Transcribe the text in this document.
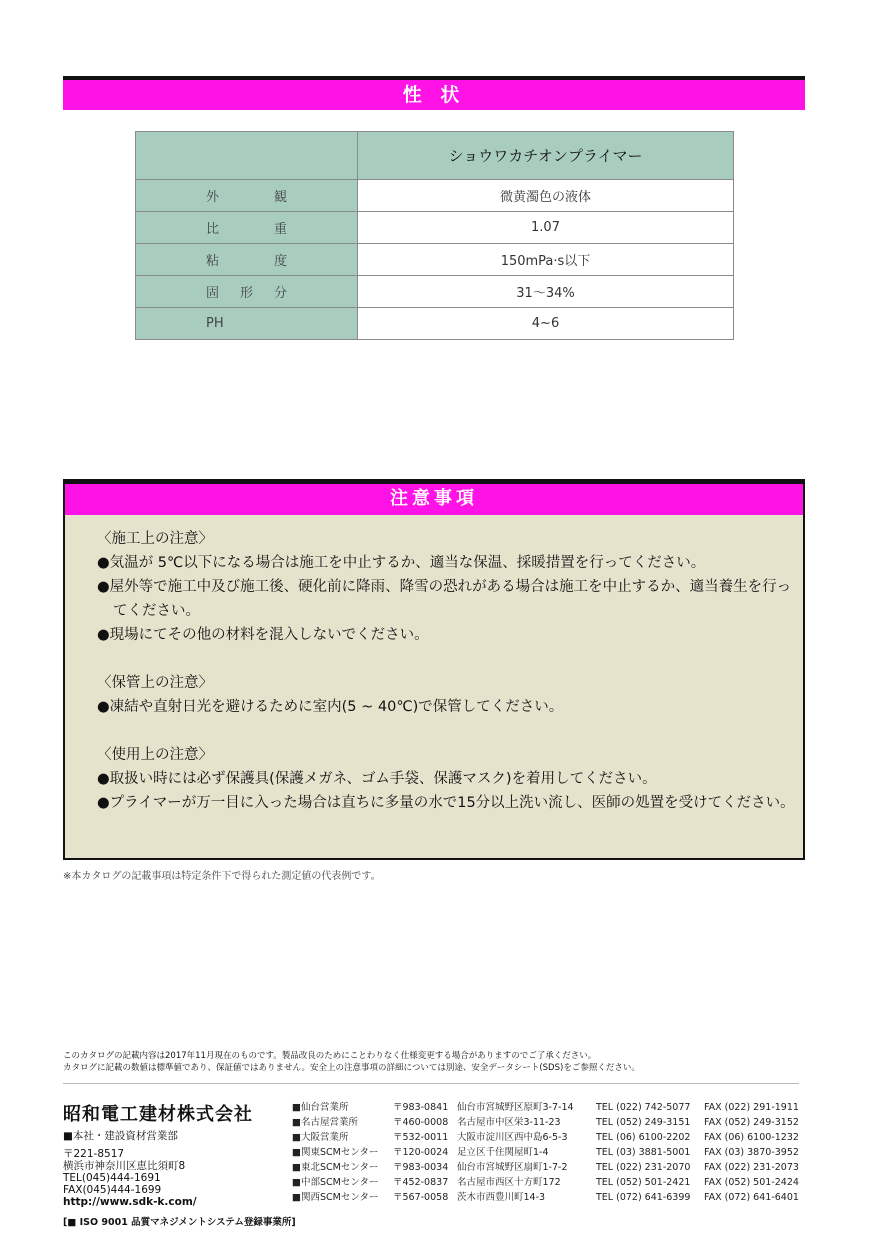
性 状
	ショウワカチオンプライマー
外観	微黄濁色の液体
比重	1.07
粘度	150mPa·s以下
固形分	31～34%
PH	4~6
注意事項
〈施工上の注意〉
●気温が 5℃以下になる場合は施工を中止するか、適当な保温、採暖措置を行ってください。
●屋外等で施工中及び施工後、硬化前に降雨、降雪の恐れがある場合は施工を中止するか、適当養生を行ってください。
●現場にてその他の材料を混入しないでください。
〈保管上の注意〉
●凍結や直射日光を避けるために室内(5 ~ 40℃)で保管してください。
〈使用上の注意〉
●取扱い時には必ず保護具(保護メガネ、ゴム手袋、保護マスク)を着用してください。
●プライマーが万一目に入った場合は直ちに多量の水で15分以上洗い流し、医師の処置を受けてください。
※本カタログの記載事項は特定条件下で得られた測定値の代表例です。
このカタログの記載内容は2017年11月現在のものです。製品改良のためにことわりなく仕様変更する場合がありますのでご了承ください。
カタログに記載の数値は標準値であり、保証値ではありません。安全上の注意事項の詳細については別途、安全データシート(SDS)をご参照ください。
昭和電工建材株式会社
■本社・建設資材営業部
〒221-8517
横浜市神奈川区恵比須町8
TEL(045)444-1691
FAX(045)444-1699
http://www.sdk-k.com/
[■ ISO 9001 品質マネジメントシステム登録事業所]
■仙台営業所	〒983-0841 仙台市宮城野区原町3-7-14	TEL (022) 742-5077	FAX (022) 291-1911
■名古屋営業所	〒460-0008 名古屋市中区栄3-11-23	TEL (052) 249-3151	FAX (052) 249-3152
■大阪営業所	〒532-0011 大阪市淀川区西中島6-5-3	TEL (06) 6100-2202	FAX (06) 6100-1232
■関東SCMセンター	〒120-0024 足立区千住関屋町1-4	TEL (03) 3881-5001	FAX (03) 3870-3952
■東北SCMセンター	〒983-0034 仙台市宮城野区扇町1-7-2	TEL (022) 231-2070	FAX (022) 231-2073
■中部SCMセンター	〒452-0837 名古屋市西区十方町172	TEL (052) 501-2421	FAX (052) 501-2424
■関西SCMセンター	〒567-0058 茨木市西豊川町14-3	TEL (072) 641-6399	FAX (072) 641-6401
